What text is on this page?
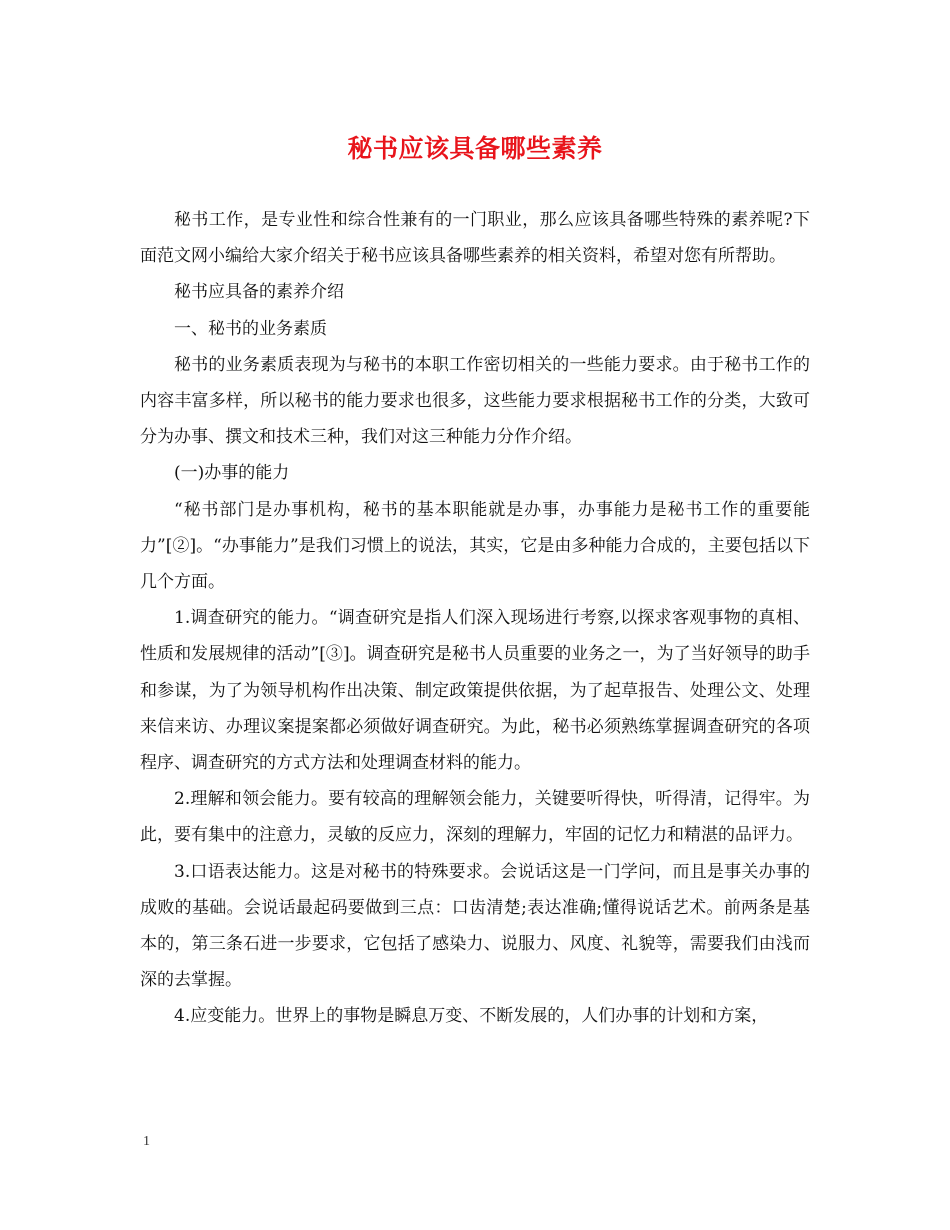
秘书应该具备哪些素养

秘书工作，是专业性和综合性兼有的一门职业，那么应该具备哪些特殊的素养呢?下面范文网小编给大家介绍关于秘书应该具备哪些素养的相关资料，希望对您有所帮助。

秘书应具备的素养介绍

一、秘书的业务素质

秘书的业务素质表现为与秘书的本职工作密切相关的一些能力要求。由于秘书工作的内容丰富多样，所以秘书的能力要求也很多，这些能力要求根据秘书工作的分类，大致可分为办事、撰文和技术三种，我们对这三种能力分作介绍。

(一)办事的能力

“秘书部门是办事机构，秘书的基本职能就是办事，办事能力是秘书工作的重要能力”[②]。“办事能力”是我们习惯上的说法，其实，它是由多种能力合成的，主要包括以下几个方面。

1.调查研究的能力。“调查研究是指人们深入现场进行考察,以探求客观事物的真相、性质和发展规律的活动”[③]。调查研究是秘书人员重要的业务之一，为了当好领导的助手和参谋，为了为领导机构作出决策、制定政策提供依据，为了起草报告、处理公文、处理来信来访、办理议案提案都必须做好调查研究。为此，秘书必须熟练掌握调查研究的各项程序、调查研究的方式方法和处理调查材料的能力。

2.理解和领会能力。要有较高的理解领会能力，关键要听得快，听得清，记得牢。为此，要有集中的注意力，灵敏的反应力，深刻的理解力，牢固的记忆力和精湛的品评力。

3.口语表达能力。这是对秘书的特殊要求。会说话这是一门学问，而且是事关办事的成败的基础。会说话最起码要做到三点：口齿清楚;表达准确;懂得说话艺术。前两条是基本的，第三条石进一步要求，它包括了感染力、说服力、风度、礼貌等，需要我们由浅而深的去掌握。

4.应变能力。世界上的事物是瞬息万变、不断发展的，人们办事的计划和方案，

1
